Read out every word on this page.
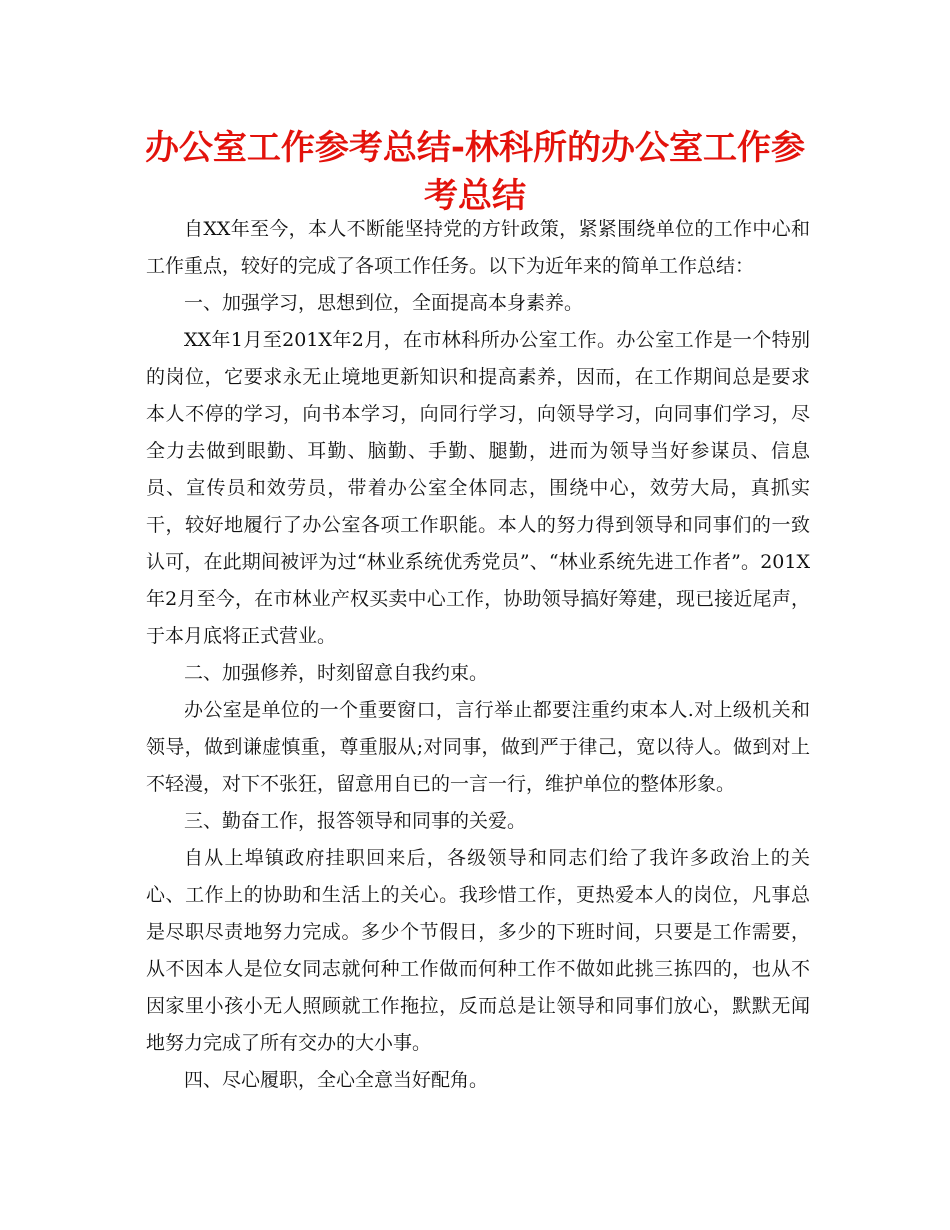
办公室工作参考总结-林科所的办公室工作参考总结

自XX年至今，本人不断能坚持党的方针政策，紧紧围绕单位的工作中心和工作重点，较好的完成了各项工作任务。以下为近年来的简单工作总结：

一、加强学习，思想到位，全面提高本身素养。

XX年1月至201X年2月，在市林科所办公室工作。办公室工作是一个特别的岗位，它要求永无止境地更新知识和提高素养，因而，在工作期间总是要求本人不停的学习，向书本学习，向同行学习，向领导学习，向同事们学习，尽全力去做到眼勤、耳勤、脑勤、手勤、腿勤，进而为领导当好参谋员、信息员、宣传员和效劳员，带着办公室全体同志，围绕中心，效劳大局，真抓实干，较好地履行了办公室各项工作职能。本人的努力得到领导和同事们的一致认可，在此期间被评为过“林业系统优秀党员”、“林业系统先进工作者”。201X年2月至今，在市林业产权买卖中心工作，协助领导搞好筹建，现已接近尾声，于本月底将正式营业。

二、加强修养，时刻留意自我约束。

办公室是单位的一个重要窗口，言行举止都要注重约束本人.对上级机关和领导，做到谦虚慎重，尊重服从;对同事，做到严于律己，宽以待人。做到对上不轻漫，对下不张狂，留意用自已的一言一行，维护单位的整体形象。

三、勤奋工作，报答领导和同事的关爱。

自从上埠镇政府挂职回来后，各级领导和同志们给了我许多政治上的关心、工作上的协助和生活上的关心。我珍惜工作，更热爱本人的岗位，凡事总是尽职尽责地努力完成。多少个节假日，多少的下班时间，只要是工作需要，从不因本人是位女同志就何种工作做而何种工作不做如此挑三拣四的，也从不因家里小孩小无人照顾就工作拖拉，反而总是让领导和同事们放心，默默无闻地努力完成了所有交办的大小事。

四、尽心履职，全心全意当好配角。
